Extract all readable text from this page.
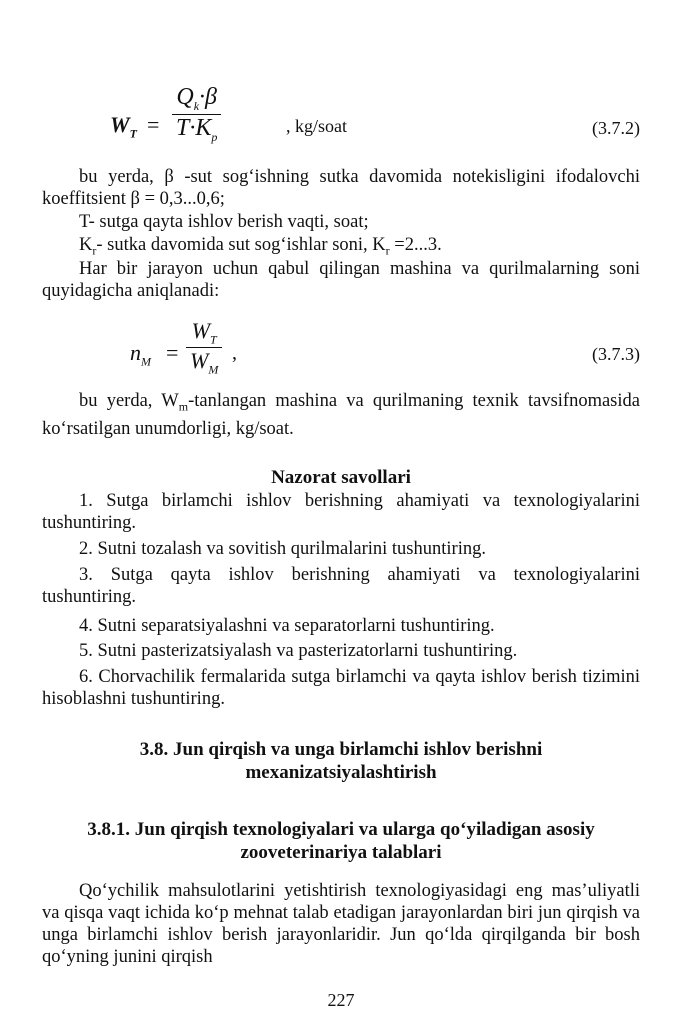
$W_T = \frac{Q_k\cdot\beta}{T\cdot K_p}$	, kg/soat	(3.7.2)

bu yerda, β -sut sog‘ishning sutka davomida notekisligini ifodalovchi koeffitsient β = 0,3...0,6;

T- sutga qayta ishlov berish vaqti, soat;
$K_r-$ sutka davomida sut sog‘ishlar soni, $K_r =2...3$.

Har bir jarayon uchun qabul qilingan mashina va qurilmalarning soni quyidagicha aniqlanadi:

$n_M = \frac{W_T}{W_M}$ ,	(3.7.3)

bu yerda, $W_m$-tanlangan mashina va qurilmaning texnik tavsifnomasida ko‘rsatilgan unumdorligi, kg/soat.

Nazorat savollari

1. Sutga birlamchi ishlov berishning ahamiyati va texnologiyalarini tushuntiring.

2. Sutni tozalash va sovitish qurilmalarini tushuntiring.

3. Sutga qayta ishlov berishning ahamiyati va texnologiyalarini tushuntiring.

4. Sutni separatsiyalashni va separatorlarni tushuntiring.

5. Sutni pasterizatsiyalash va pasterizatorlarni tushuntiring.

6. Chorvachilik fermalarida sutga birlamchi va qayta ishlov berish tizimini hisoblashni tushuntiring.

3.8. Jun qirqish va unga birlamchi ishlov berishni mexanizatsiyalashtirish
3.8.1. Jun qirqish texnologiyalari va ularga qo‘yiladigan asosiy zooveterinariya talablari

Qo‘ychilik mahsulotlarini yetishtirish texnologiyasidagi eng mas’uliyatli va qisqa vaqt ichida ko‘p mehnat talab etadigan jarayonlardan biri jun qirqish va unga birlamchi ishlov berish jarayonlaridir. Jun qo‘lda qirqilganda bir bosh qo‘yning junini qirqish

227
